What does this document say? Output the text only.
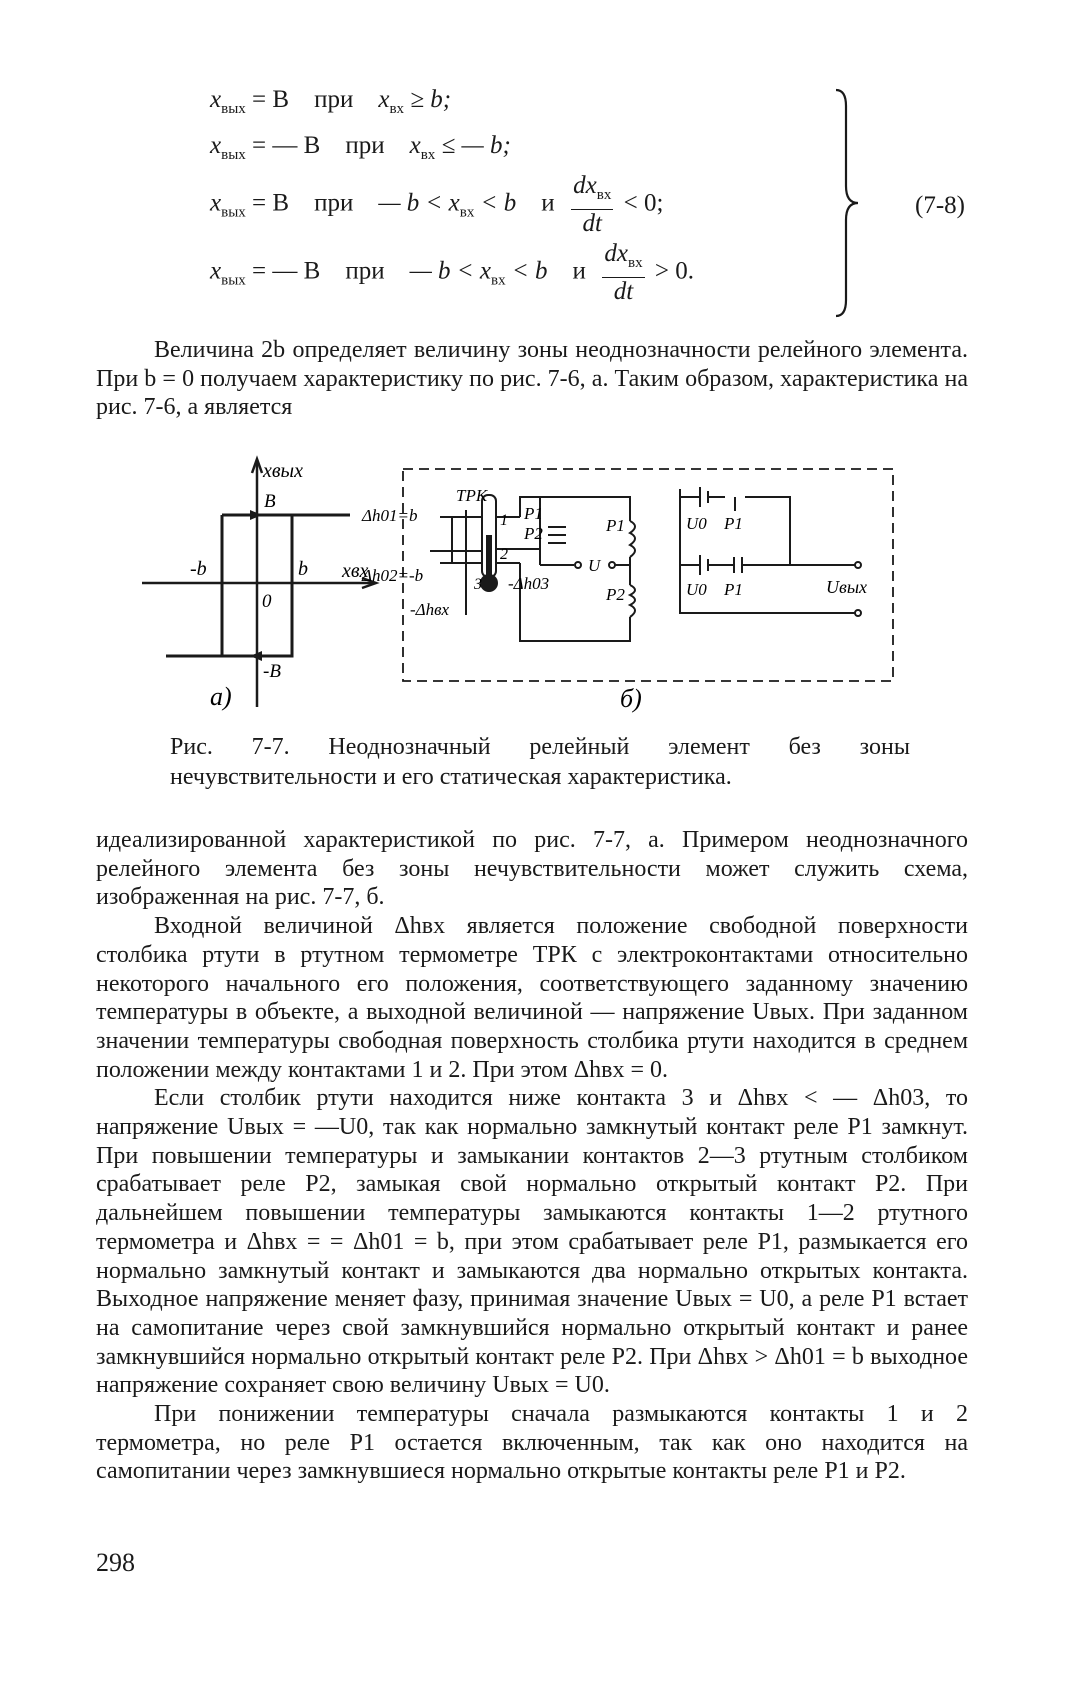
$x_{вых} = B$ при $x_{вх} \ge b$;
$x_{вых}$ = — B при $x_{вх}$ ≤ — b;
$x_{вых} = B$ при — $b < x_{вх} < b$ и $\frac{dx_{вх}}{dt} < 0$;
$x_{вых}$ = — B при — $b < x_{вх} < b$ и $\frac{dx_{вх}}{dt} > 0$.
(7-8)

Величина 2b определяет величину зоны неоднозначности релейного элемента. При b = 0 получаем характеристику по рис. 7-6, а. Таким образом, характеристика на рис. 7-6, а является

xвых
B
-b	b xвх
0
-B
а)
Δh01=b
ТРК
Δh02=-b	-Δh03
-Δhвх
1
2
3
P1
P2	P1
P2
U
U0 P1
U0 P1	Uвых
б)
Рис. 7-7. Неоднозначный релейный элемент без зоны нечувствительности и его статическая характеристика.

идеализированной характеристикой по рис. 7-7, а. Примером неоднозначного релейного элемента без зоны нечувствительности может служить схема, изображенная на рис. 7-7, б.

Входной величиной Δhвх является положение свободной поверхности столбика ртути в ртутном термометре ТРК с электроконтактами относительно некоторого начального его положения, соответствующего заданному значению температуры в объекте, а выходной величиной — напряжение Uвых. При заданном значении температуры свободная поверхность столбика ртути находится в среднем положении между контактами 1 и 2. При этом Δhвх = 0.

Если столбик ртути находится ниже контакта 3 и Δhвх < — Δh03, то напряжение Uвых = —U0, так как нормально замкнутый контакт реле P1 замкнут. При повышении температуры и замыкании контактов 2—3 ртутным столбиком срабатывает реле P2, замыкая свой нормально открытый контакт P2. При дальнейшем повышении температуры замыкаются контакты 1—2 ртутного термометра и Δhвх = = Δh01 = b, при этом срабатывает реле P1, размыкается его нормально замкнутый контакт и замыкаются два нормально открытых контакта. Выходное напряжение меняет фазу, принимая значение Uвых = U0, а реле P1 встает на самопитание через свой замкнувшийся нормально открытый контакт и ранее замкнувшийся нормально открытый контакт реле P2. При Δhвх > Δh01 = b выходное напряжение сохраняет свою величину Uвых = U0.

При понижении температуры сначала размыкаются контакты 1 и 2 термометра, но реле P1 остается включенным, так как оно находится на самопитании через замкнувшиеся нормально открытые контакты реле P1 и P2.

298
